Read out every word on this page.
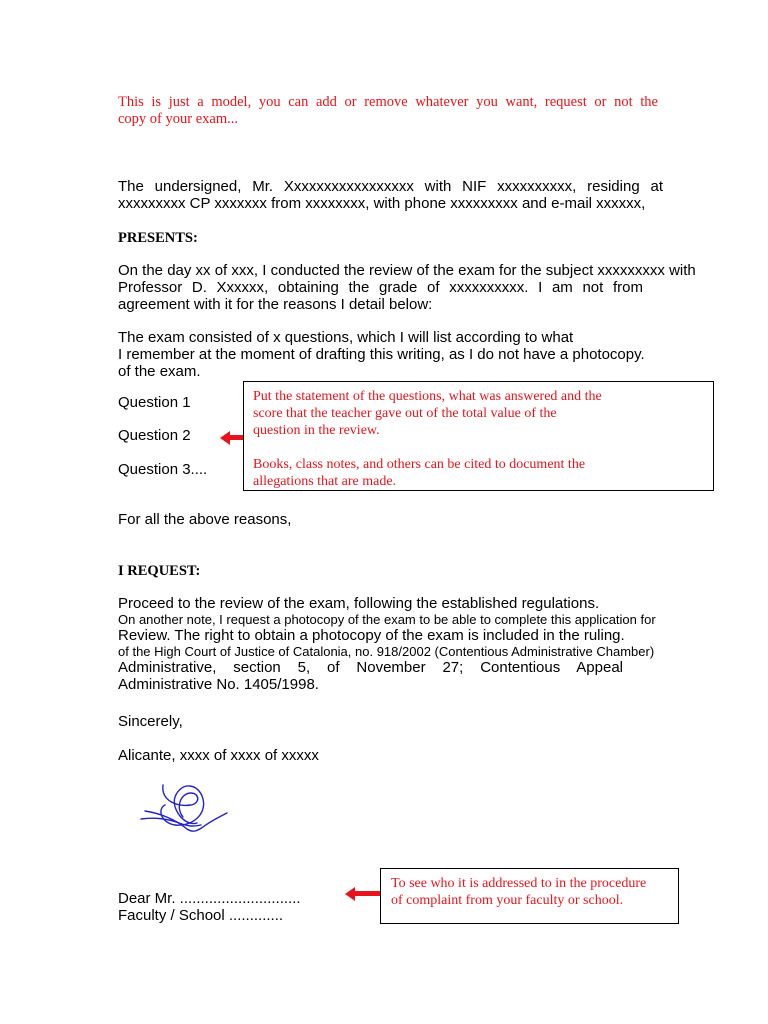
This is just a model, you can add or remove whatever you want, request or not the
copy of your exam...
The undersigned, Mr. Xxxxxxxxxxxxxxxxx with NIF xxxxxxxxxx, residing at
xxxxxxxxx CP xxxxxxx from xxxxxxxx, with phone xxxxxxxxx and e-mail xxxxxx,
PRESENTS:
On the day xx of xxx, I conducted the review of the exam for the subject xxxxxxxxx with
Professor D. Xxxxxx, obtaining the grade of xxxxxxxxxx. I am not from
agreement with it for the reasons I detail below:
The exam consisted of x questions, which I will list according to what
I remember at the moment of drafting this writing, as I do not have a photocopy.
of the exam.
Question 1
Question 2
Question 3....

Put the statement of the questions, what was answered and the

score that the teacher gave out of the total value of the

question in the review.

Books, class notes, and others can be cited to document the

allegations that are made.

For all the above reasons,
I REQUEST:
Proceed to the review of the exam, following the established regulations.
On another note, I request a photocopy of the exam to be able to complete this application for
Review. The right to obtain a photocopy of the exam is included in the ruling.
of the High Court of Justice of Catalonia, no. 918/2002 (Contentious Administrative Chamber)
Administrative, section 5, of November 27; Contentious Appeal
Administrative No. 1405/1998.
Sincerely,
Alicante, xxxx of xxxx of xxxxx
Dear Mr. .............................
Faculty / School .............

To see who it is addressed to in the procedure

of complaint from your faculty or school.
